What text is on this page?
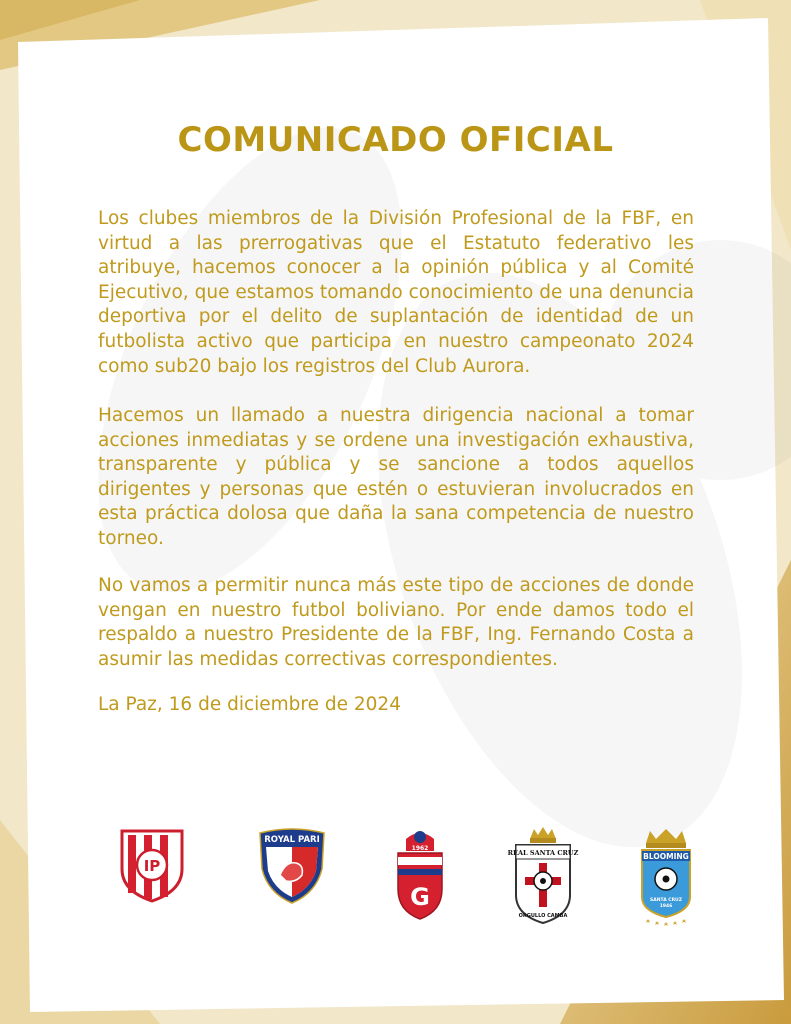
COMUNICADO OFICIAL

Los clubes miembros de la División Profesional de la FBF, en virtud a las prerrogativas que el Estatuto federativo les atribuye, hacemos conocer a la opinión pública y al Comité Ejecutivo, que estamos tomando conocimiento de una denuncia deportiva por el delito de suplantación de identidad de un futbolista activo que participa en nuestro campeonato 2024 como sub20 bajo los registros del Club Aurora.

Hacemos un llamado a nuestra dirigencia nacional a tomar acciones inmediatas y se ordene una investigación exhaustiva, transparente y pública y se sancione a todos aquellos dirigentes y personas que estén o estuvieran involucrados en esta práctica dolosa que daña la sana competencia de nuestro torneo.

No vamos a permitir nunca más este tipo de acciones de donde vengan en nuestro futbol boliviano. Por ende damos todo el respaldo a nuestro Presidente de la FBF, Ing. Fernando Costa a asumir las medidas correctivas correspondientes.

La Paz, 16 de diciembre de 2024

IP
ROYAL PARI
1962
G
REAL SANTA CRUZ
ORGULLO CAMBA
BLOOMING
SANTA CRUZ
1946
